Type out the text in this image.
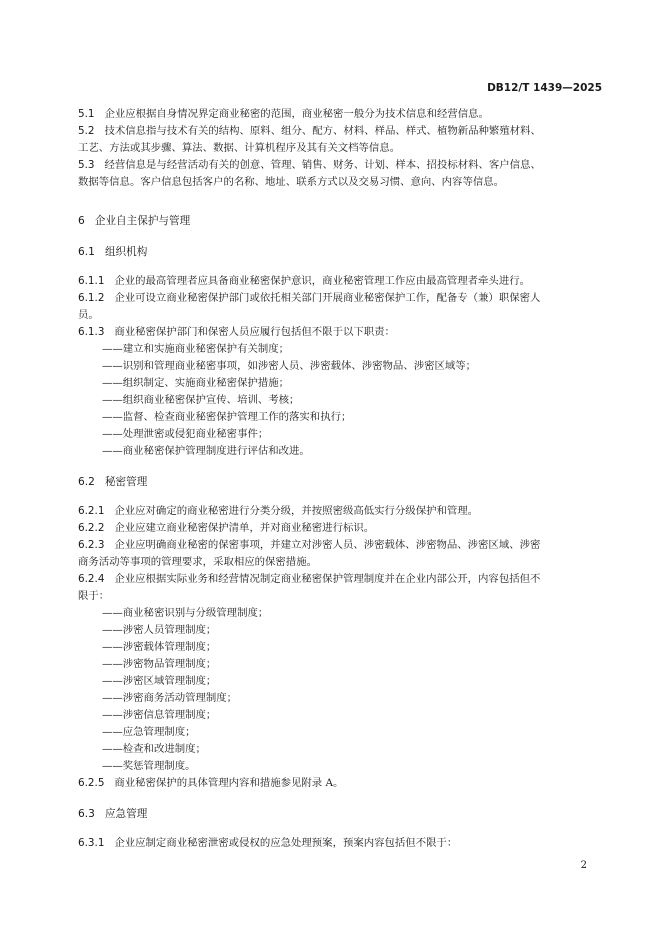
DB12/T 1439—2025

5.1 企业应根据自身情况界定商业秘密的范围，商业秘密一般分为技术信息和经营信息。

5.2 技术信息指与技术有关的结构、原料、组分、配方、材料、样品、样式、植物新品种繁殖材料、

工艺、方法或其步骤、算法、数据、计算机程序及其有关文档等信息。

5.3 经营信息是与经营活动有关的创意、管理、销售、财务、计划、样本、招投标材料、客户信息、

数据等信息。客户信息包括客户的名称、地址、联系方式以及交易习惯、意向、内容等信息。

6 企业自主保护与管理

6.1 组织机构

6.1.1 企业的最高管理者应具备商业秘密保护意识，商业秘密管理工作应由最高管理者牵头进行。

6.1.2 企业可设立商业秘密保护部门或依托相关部门开展商业秘密保护工作，配备专（兼）职保密人

员。

6.1.3 商业秘密保护部门和保密人员应履行包括但不限于以下职责：

——建立和实施商业秘密保护有关制度；

——识别和管理商业秘密事项，如涉密人员、涉密载体、涉密物品、涉密区域等；

——组织制定、实施商业秘密保护措施；

——组织商业秘密保护宣传、培训、考核；

——监督、检查商业秘密保护管理工作的落实和执行；

——处理泄密或侵犯商业秘密事件；

——商业秘密保护管理制度进行评估和改进。

6.2 秘密管理

6.2.1 企业应对确定的商业秘密进行分类分级，并按照密级高低实行分级保护和管理。

6.2.2 企业应建立商业秘密保护清单，并对商业秘密进行标识。

6.2.3 企业应明确商业秘密的保密事项，并建立对涉密人员、涉密载体、涉密物品、涉密区域、涉密

商务活动等事项的管理要求，采取相应的保密措施。

6.2.4 企业应根据实际业务和经营情况制定商业秘密保护管理制度并在企业内部公开，内容包括但不

限于：

——商业秘密识别与分级管理制度；

——涉密人员管理制度；

——涉密载体管理制度；

——涉密物品管理制度；

——涉密区域管理制度；

——涉密商务活动管理制度；

——涉密信息管理制度；

——应急管理制度；

——检查和改进制度；

——奖惩管理制度。

6.2.5 商业秘密保护的具体管理内容和措施参见附录 A。

6.3 应急管理

6.3.1 企业应制定商业秘密泄密或侵权的应急处理预案，预案内容包括但不限于：

2
